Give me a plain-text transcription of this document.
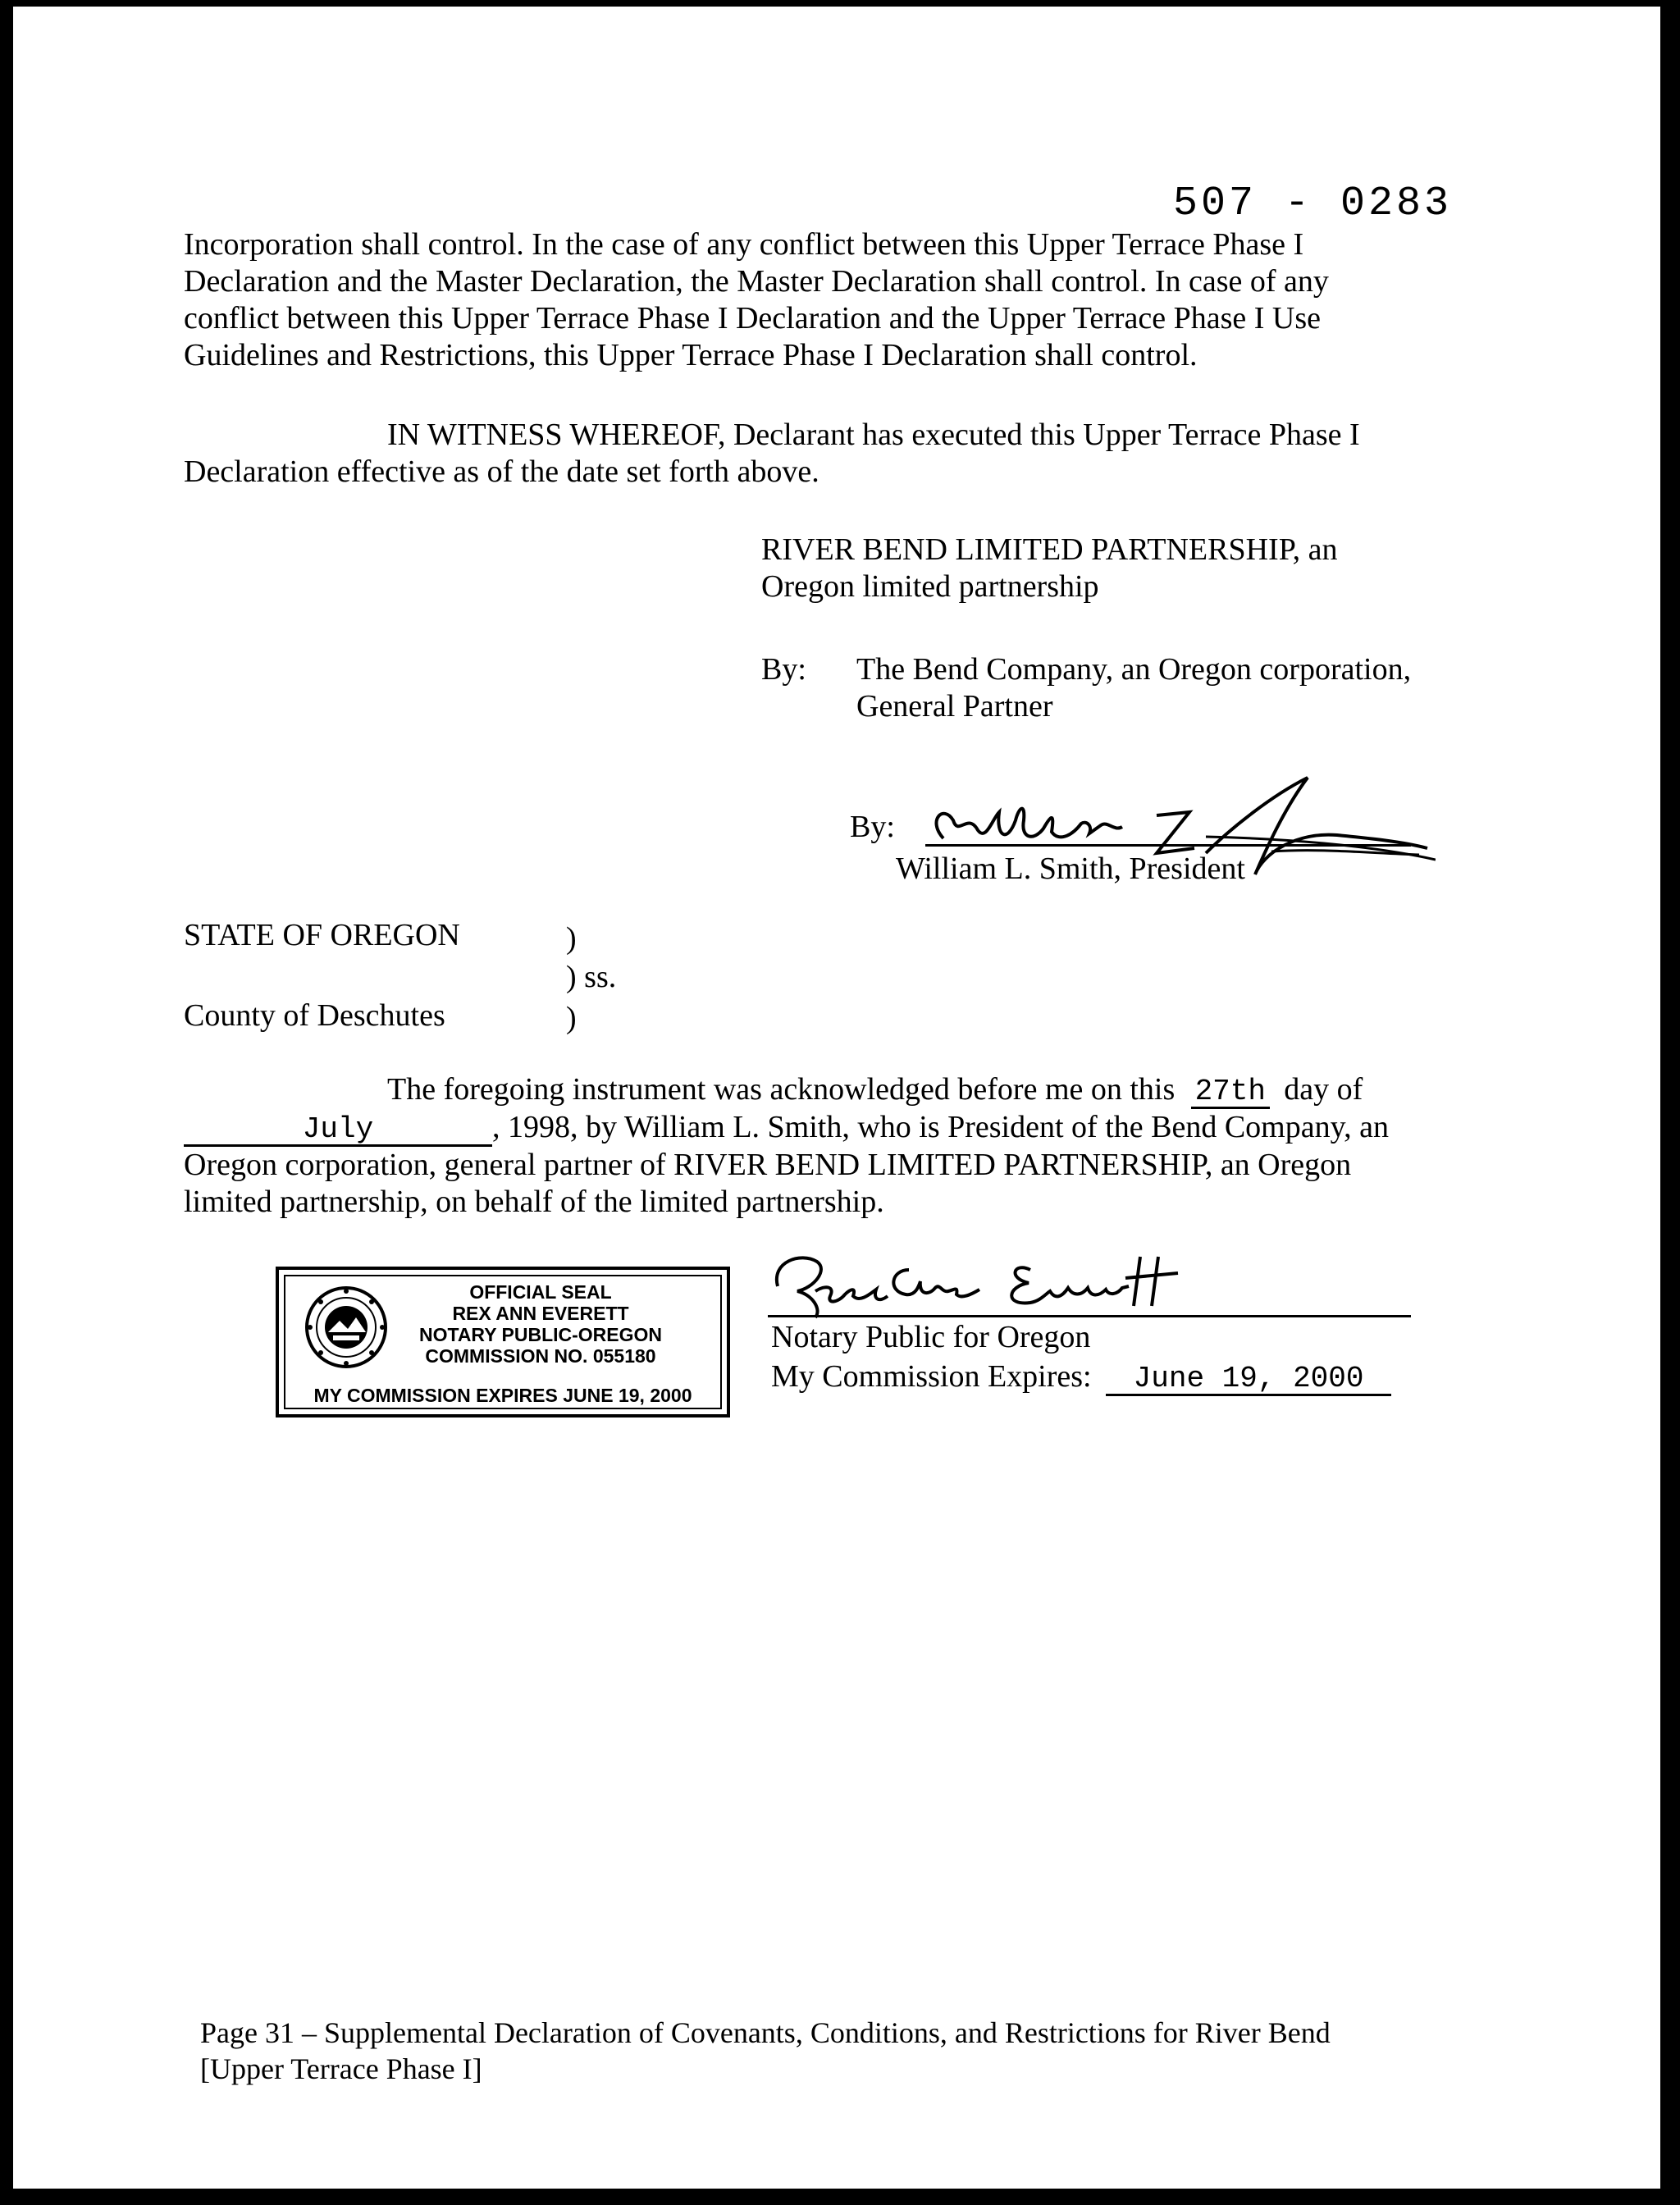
507 - 0283
Incorporation shall control. In the case of any conflict between this Upper Terrace Phase I
Declaration and the Master Declaration, the Master Declaration shall control. In case of any
conflict between this Upper Terrace Phase I Declaration and the Upper Terrace Phase I Use
Guidelines and Restrictions, this Upper Terrace Phase I Declaration shall control.
IN WITNESS WHEREOF, Declarant has executed this Upper Terrace Phase I
Declaration effective as of the date set forth above.
RIVER BEND LIMITED PARTNERSHIP, an
Oregon limited partnership
By: The Bend Company, an Oregon corporation,
General Partner
By:
William L. Smith, President
STATE OF OREGON
County of Deschutes
)
) ss.
)
The foregoing instrument was acknowledged before me on this 27th day of
July	, 1998, by William L. Smith, who is President of the Bend Company, an
Oregon corporation, general partner of RIVER BEND LIMITED PARTNERSHIP, an Oregon
limited partnership, on behalf of the limited partnership.
OFFICIAL SEAL
REX ANN EVERETT
NOTARY PUBLIC-OREGON
COMMISSION NO. 055180
MY COMMISSION EXPIRES JUNE 19, 2000
Notary Public for Oregon
My Commission Expires: June 19, 2000
Page 31 – Supplemental Declaration of Covenants, Conditions, and Restrictions for River Bend
[Upper Terrace Phase I]
